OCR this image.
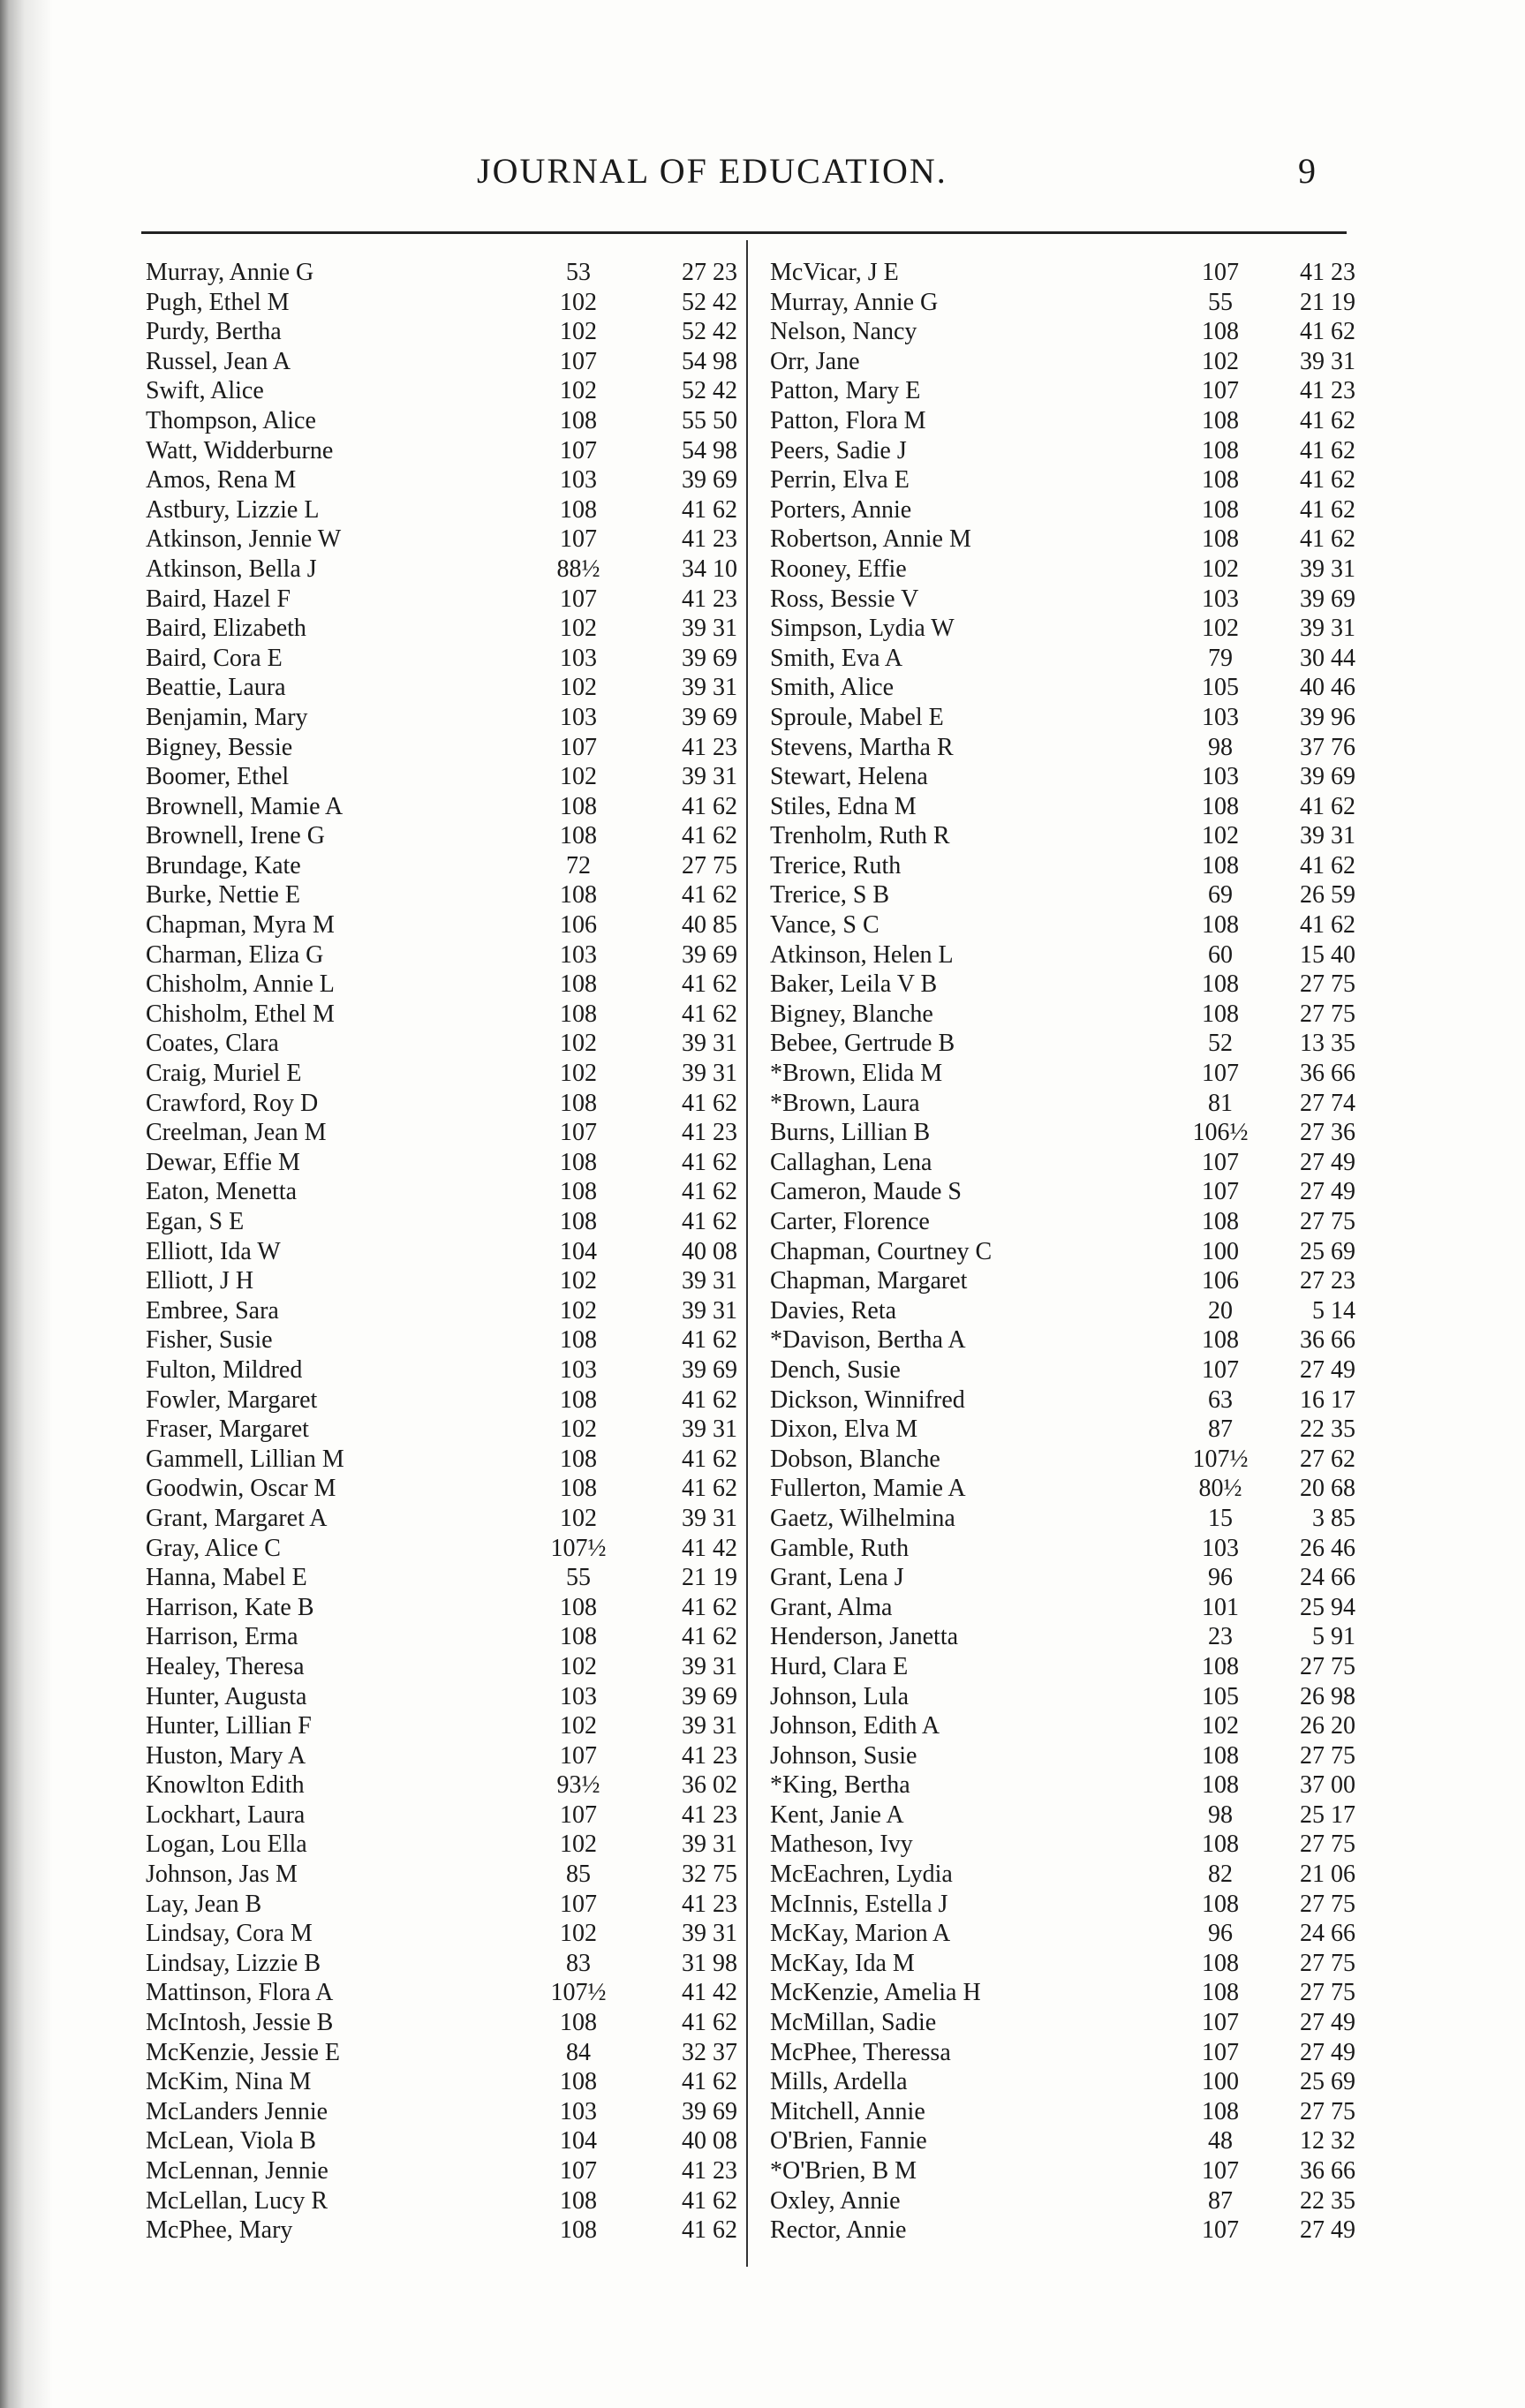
JOURNAL OF EDUCATION.	9
Murray, Annie G	53	27 23
Pugh, Ethel M	102	52 42
Purdy, Bertha	102	52 42
Russel, Jean A	107	54 98
Swift, Alice	102	52 42
Thompson, Alice	108	55 50
Watt, Widderburne	107	54 98
Amos, Rena M	103	39 69
Astbury, Lizzie L	108	41 62
Atkinson, Jennie W	107	41 23
Atkinson, Bella J	88½	34 10
Baird, Hazel F	107	41 23
Baird, Elizabeth	102	39 31
Baird, Cora E	103	39 69
Beattie, Laura	102	39 31
Benjamin, Mary	103	39 69
Bigney, Bessie	107	41 23
Boomer, Ethel	102	39 31
Brownell, Mamie A	108	41 62
Brownell, Irene G	108	41 62
Brundage, Kate	72	27 75
Burke, Nettie E	108	41 62
Chapman, Myra M	106	40 85
Charman, Eliza G	103	39 69
Chisholm, Annie L	108	41 62
Chisholm, Ethel M	108	41 62
Coates, Clara	102	39 31
Craig, Muriel E	102	39 31
Crawford, Roy D	108	41 62
Creelman, Jean M	107	41 23
Dewar, Effie M	108	41 62
Eaton, Menetta	108	41 62
Egan, S E	108	41 62
Elliott, Ida W	104	40 08
Elliott, J H	102	39 31
Embree, Sara	102	39 31
Fisher, Susie	108	41 62
Fulton, Mildred	103	39 69
Fowler, Margaret	108	41 62
Fraser, Margaret	102	39 31
Gammell, Lillian M	108	41 62
Goodwin, Oscar M	108	41 62
Grant, Margaret A	102	39 31
Gray, Alice C	107½	41 42
Hanna, Mabel E	55	21 19
Harrison, Kate B	108	41 62
Harrison, Erma	108	41 62
Healey, Theresa	102	39 31
Hunter, Augusta	103	39 69
Hunter, Lillian F	102	39 31
Huston, Mary A	107	41 23
Knowlton Edith	93½	36 02
Lockhart, Laura	107	41 23
Logan, Lou Ella	102	39 31
Johnson, Jas M	85	32 75
Lay, Jean B	107	41 23
Lindsay, Cora M	102	39 31
Lindsay, Lizzie B	83	31 98
Mattinson, Flora A	107½	41 42
McIntosh, Jessie B	108	41 62
McKenzie, Jessie E	84	32 37
McKim, Nina M	108	41 62
McLanders Jennie	103	39 69
McLean, Viola B	104	40 08
McLennan, Jennie	107	41 23
McLellan, Lucy R	108	41 62
McPhee, Mary	108	41 62
McVicar, J E	107	41 23
Murray, Annie G	55	21 19
Nelson, Nancy	108	41 62
Orr, Jane	102	39 31
Patton, Mary E	107	41 23
Patton, Flora M	108	41 62
Peers, Sadie J	108	41 62
Perrin, Elva E	108	41 62
Porters, Annie	108	41 62
Robertson, Annie M	108	41 62
Rooney, Effie	102	39 31
Ross, Bessie V	103	39 69
Simpson, Lydia W	102	39 31
Smith, Eva A	79	30 44
Smith, Alice	105	40 46
Sproule, Mabel E	103	39 96
Stevens, Martha R	98	37 76
Stewart, Helena	103	39 69
Stiles, Edna M	108	41 62
Trenholm, Ruth R	102	39 31
Trerice, Ruth	108	41 62
Trerice, S B	69	26 59
Vance, S C	108	41 62
Atkinson, Helen L	60	15 40
Baker, Leila V B	108	27 75
Bigney, Blanche	108	27 75
Bebee, Gertrude B	52	13 35
*Brown, Elida M	107	36 66
*Brown, Laura	81	27 74
Burns, Lillian B	106½	27 36
Callaghan, Lena	107	27 49
Cameron, Maude S	107	27 49
Carter, Florence	108	27 75
Chapman, Courtney C	100	25 69
Chapman, Margaret	106	27 23
Davies, Reta	20	5 14
*Davison, Bertha A	108	36 66
Dench, Susie	107	27 49
Dickson, Winnifred	63	16 17
Dixon, Elva M	87	22 35
Dobson, Blanche	107½	27 62
Fullerton, Mamie A	80½	20 68
Gaetz, Wilhelmina	15	3 85
Gamble, Ruth	103	26 46
Grant, Lena J	96	24 66
Grant, Alma	101	25 94
Henderson, Janetta	23	5 91
Hurd, Clara E	108	27 75
Johnson, Lula	105	26 98
Johnson, Edith A	102	26 20
Johnson, Susie	108	27 75
*King, Bertha	108	37 00
Kent, Janie A	98	25 17
Matheson, Ivy	108	27 75
McEachren, Lydia	82	21 06
McInnis, Estella J	108	27 75
McKay, Marion A	96	24 66
McKay, Ida M	108	27 75
McKenzie, Amelia H	108	27 75
McMillan, Sadie	107	27 49
McPhee, Theressa	107	27 49
Mills, Ardella	100	25 69
Mitchell, Annie	108	27 75
O'Brien, Fannie	48	12 32
*O'Brien, B M	107	36 66
Oxley, Annie	87	22 35
Rector, Annie	107	27 49
